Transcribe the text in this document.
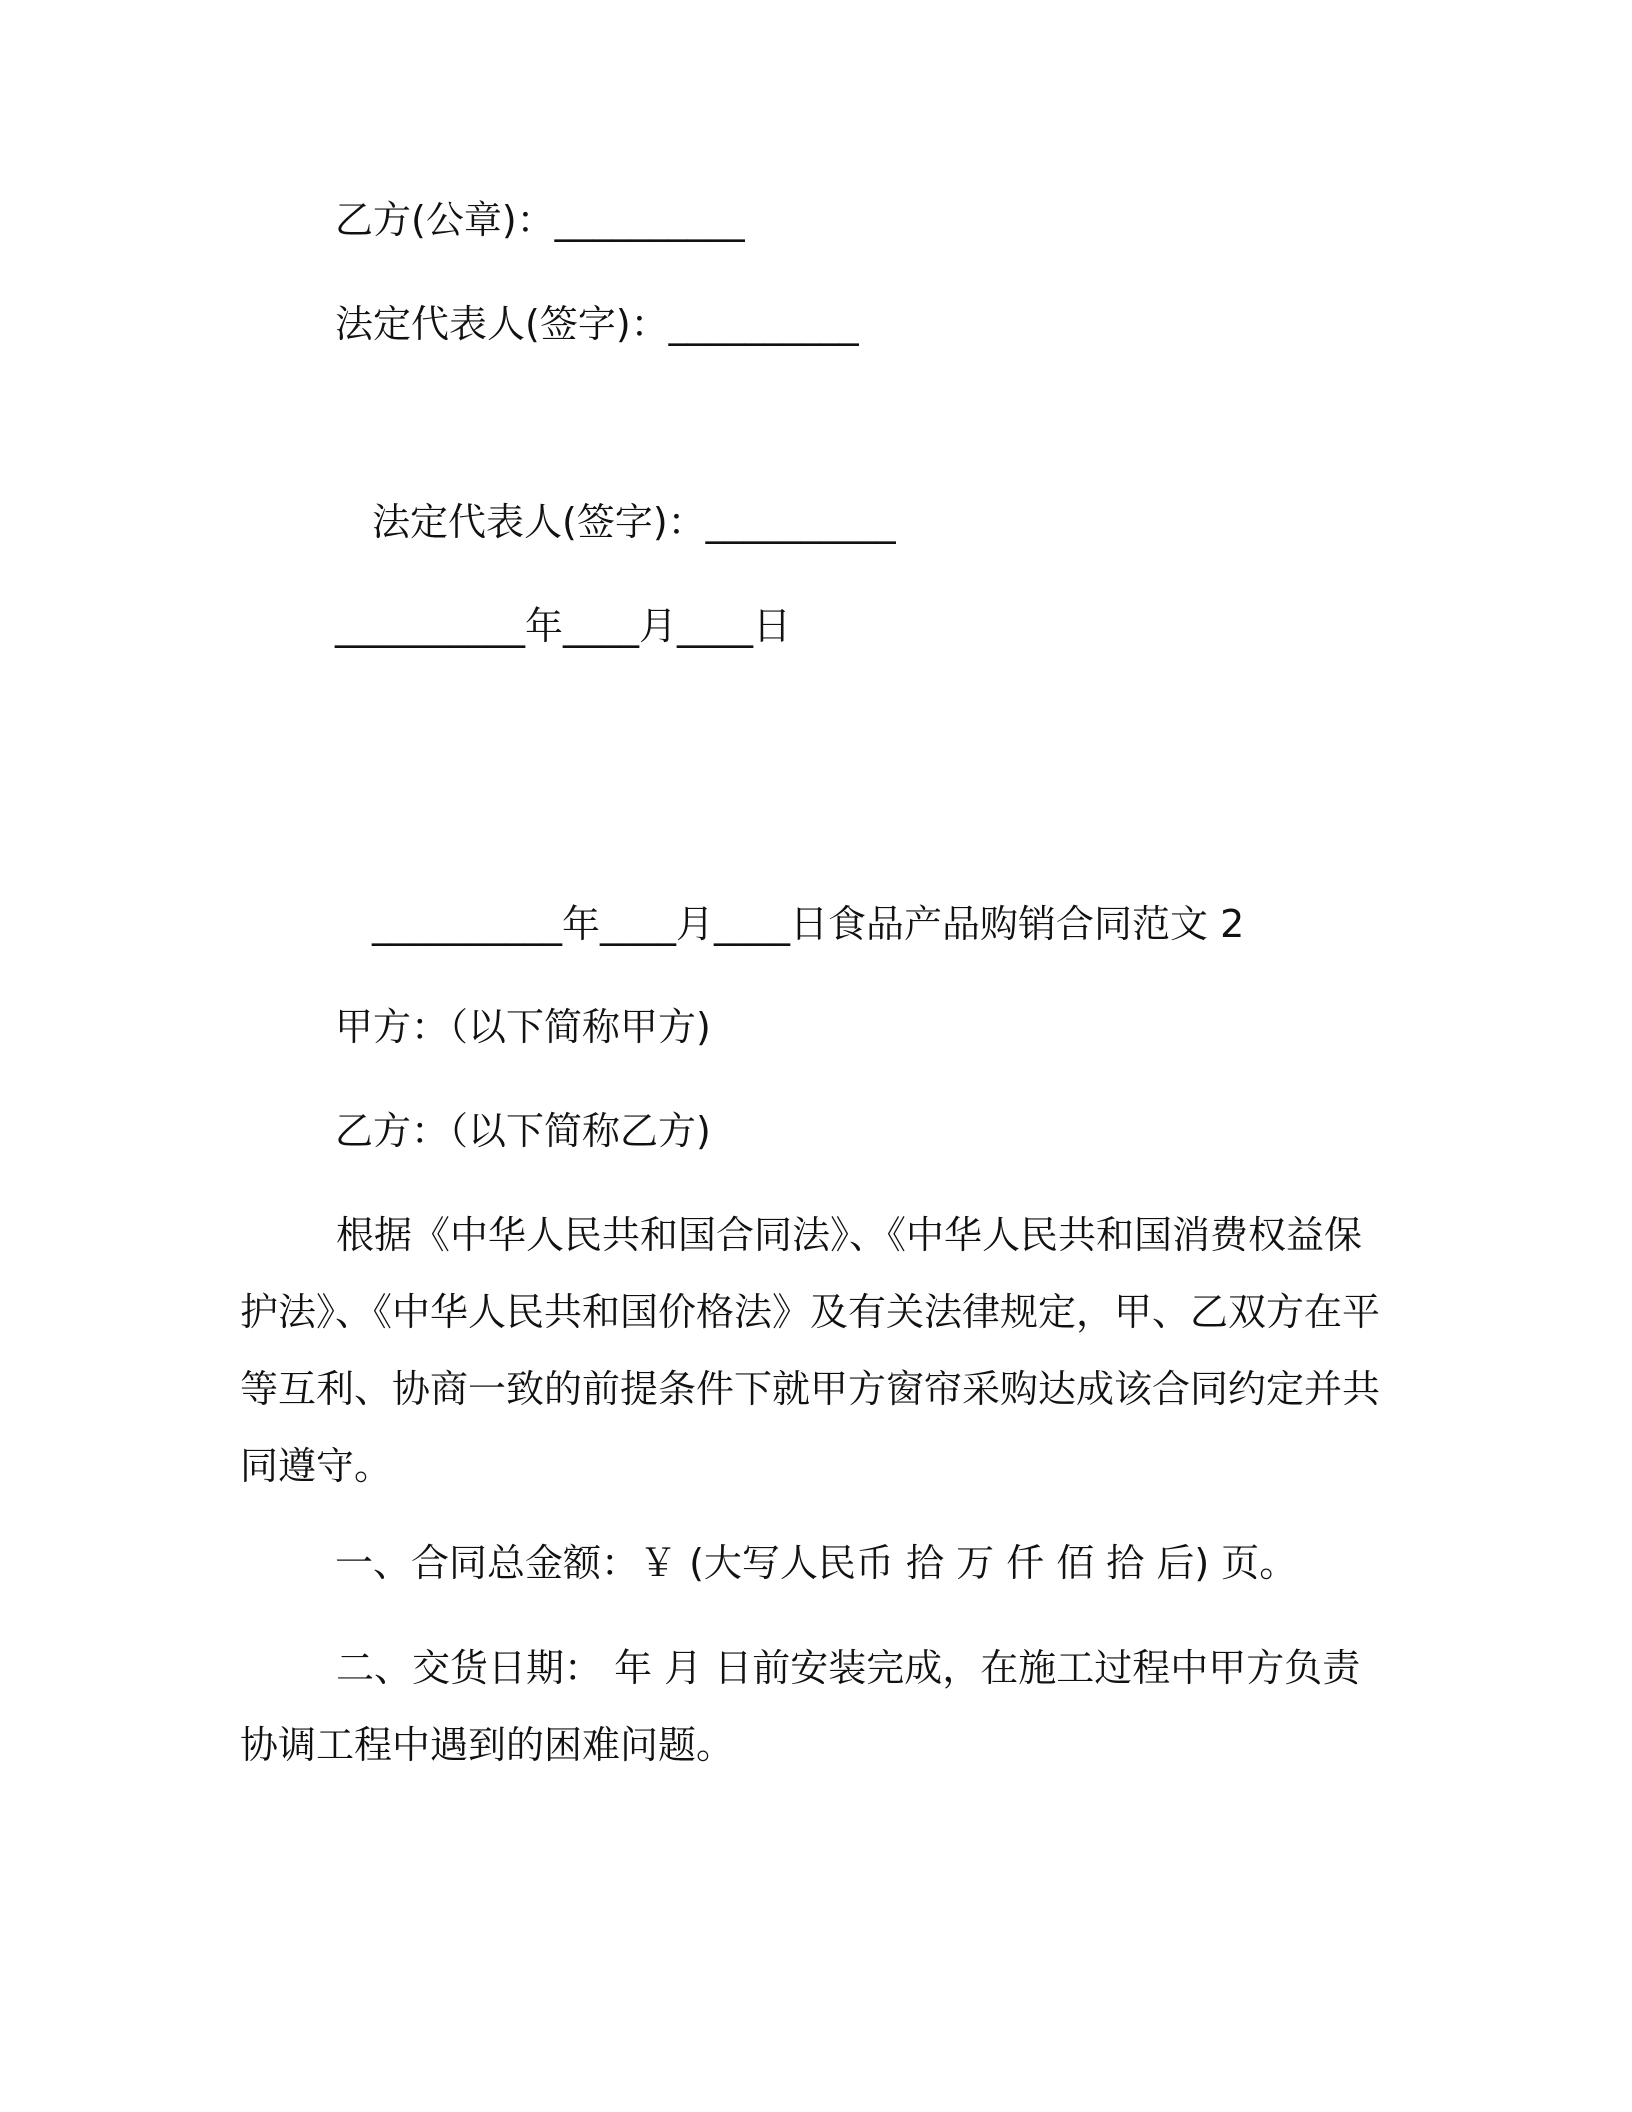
乙方(公章)：__________

法定代表人(签字)：__________

法定代表人(签字)：__________

__________年____月____日

__________年____月____日食品产品购销合同范文 2

甲方：（以下简称甲方)

乙方：（以下简称乙方)

根据《中华人民共和国合同法》、《中华人民共和国消费权益保护法》、《中华人民共和国价格法》及有关法律规定，甲、乙双方在平等互利、协商一致的前提条件下就甲方窗帘采购达成该合同约定并共同遵守。

一、合同总金额：￥ (大写人民币 拾 万 仟 佰 拾 后) 页。

二、交货日期： 年 月 日前安装完成，在施工过程中甲方负责协调工程中遇到的困难问题。
